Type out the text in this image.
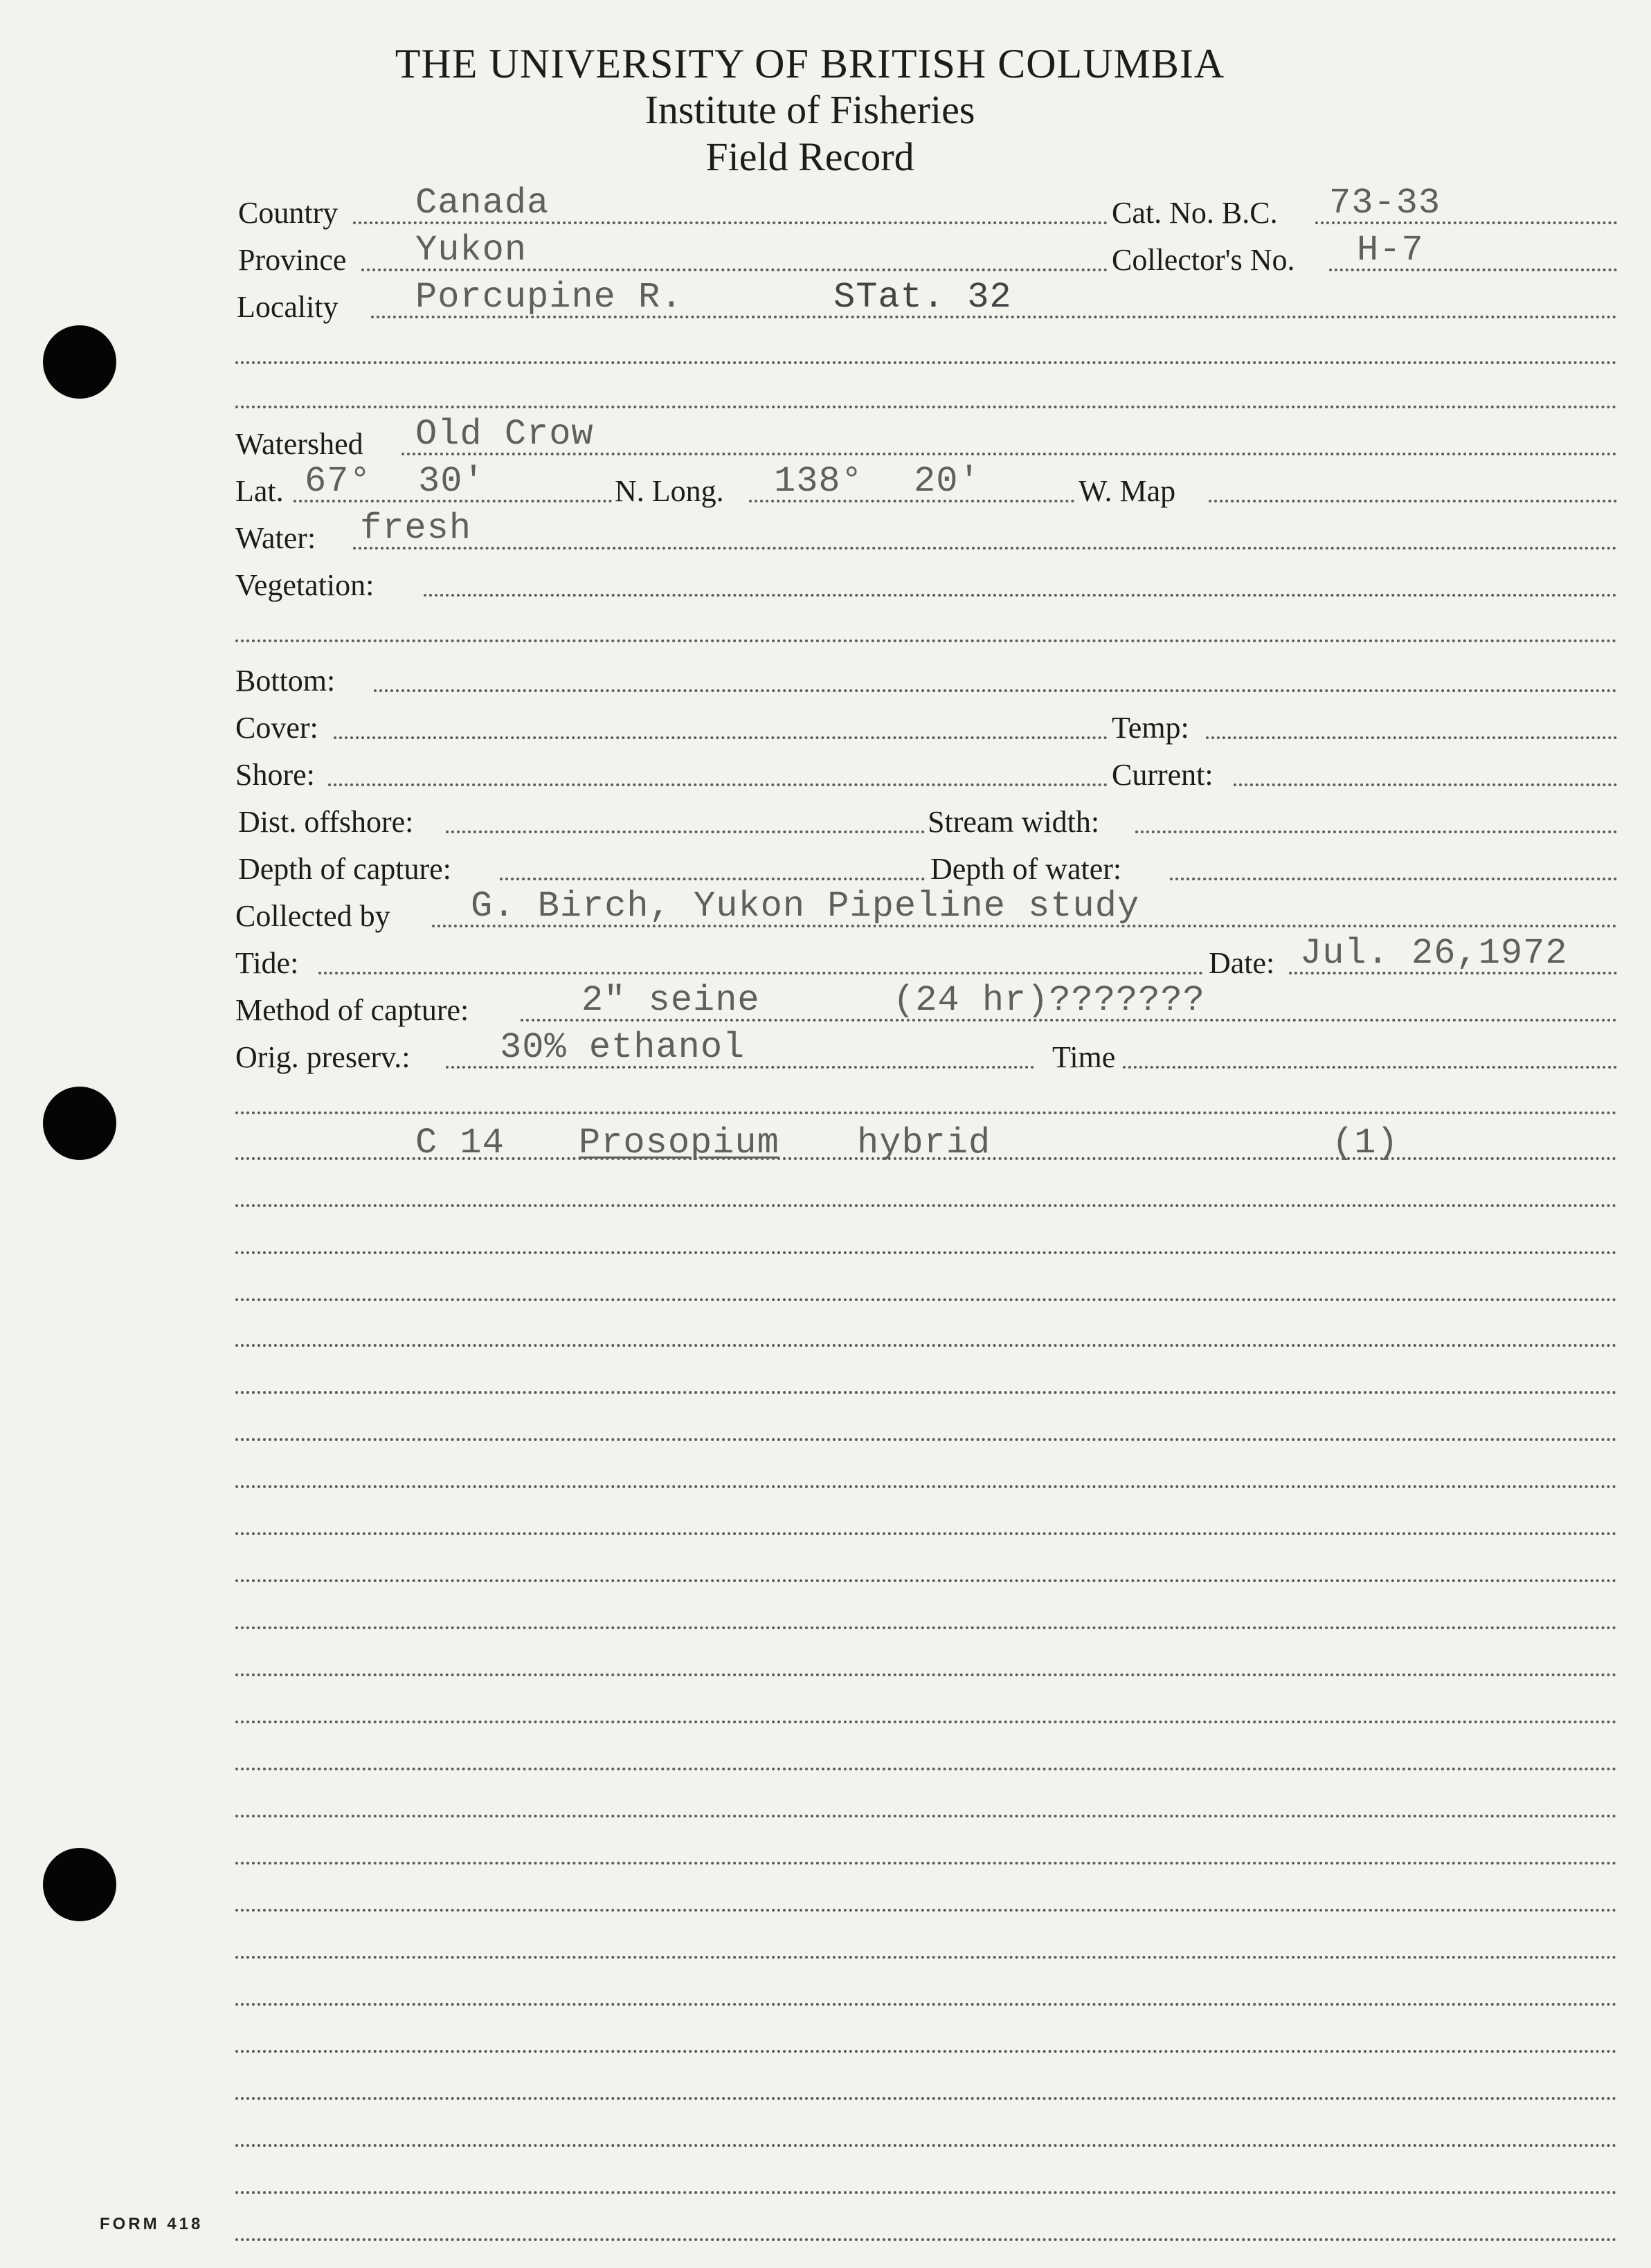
THE UNIVERSITY OF BRITISH COLUMBIA
Institute of Fisheries
Field Record
Country Canada	Cat. No. B.C. 73-33
Province Yukon	Collector's No. H-7
Locality Porcupine R.	STat. 32
Watershed Old Crow
Lat. 67° 30'	N. Long. 138° 20'	W. Map
Water: fresh
Vegetation:
Bottom:
Cover:	Temp:
Shore:	Current:
Dist. offshore:	Stream width:
Depth of capture:	Depth of water:
Collected by G. Birch, Yukon Pipeline study
Tide:	Date: Jul. 26,1972
Method of capture:	2" seine	(24 hr)???????
Orig. preserv.: 30% ethanol	Time
C 14 Prosopium hybrid	(1)
FORM 418
